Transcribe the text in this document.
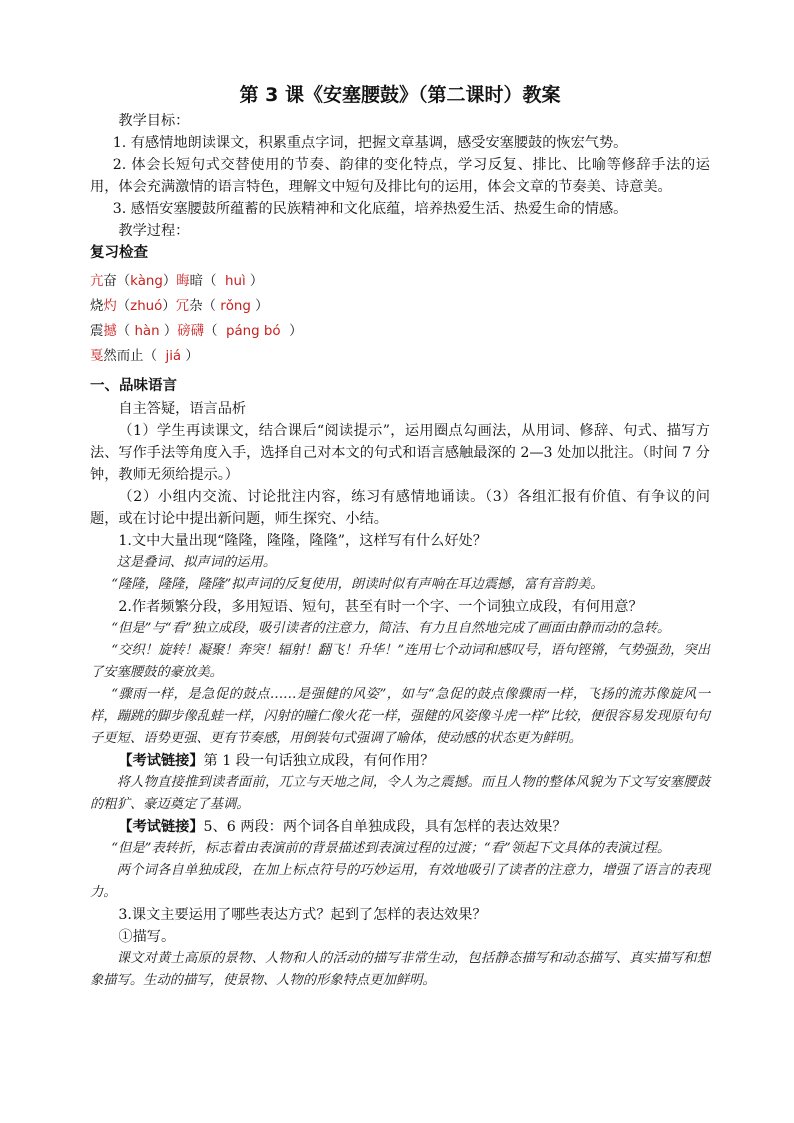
第 3 课《安塞腰鼓》（第二课时）教案

教学目标：

1. 有感情地朗读课文，积累重点字词，把握文章基调，感受安塞腰鼓的恢宏气势。

2. 体会长短句式交替使用的节奏、韵律的变化特点，学习反复、排比、比喻等修辞手法的运用，体会充满激情的语言特色，理解文中短句及排比句的运用，体会文章的节奏美、诗意美。

3. 感悟安塞腰鼓所蕴蓄的民族精神和文化底蕴，培养热爱生活、热爱生命的情感。

教学过程：

复习检查
亢奋（kàng）晦暗（  huì ）
烧灼（zhuó）冗杂（ rǒng ）
震撼（ hàn ）磅礴（  páng bó  ）
戛然而止（  jiá ）
一、品味语言

自主答疑，语言品析

（1）学生再读课文，结合课后“阅读提示”，运用圈点勾画法，从用词、修辞、句式、描写方法、写作手法等角度入手，选择自己对本文的句式和语言感触最深的 2—3 处加以批注。（时间 7 分钟，教师无须给提示。）

（2）小组内交流、讨论批注内容，练习有感情地诵读。（3）各组汇报有价值、有争议的问题，或在讨论中提出新问题，师生探究、小结。

1.文中大量出现“隆隆，隆隆，隆隆”，这样写有什么好处？

这是叠词、拟声词的运用。

“隆隆，隆隆，隆隆”拟声词的反复使用，朗读时似有声响在耳边震撼，富有音韵美。

2.作者频繁分段，多用短语、短句，甚至有时一个字、一个词独立成段，有何用意？

“但是”与“看”独立成段，吸引读者的注意力，简洁、有力且自然地完成了画面由静而动的急转。

“交织！旋转！凝聚！奔突！辐射！翻飞！升华！”连用七个动词和感叹号，语句铿锵，气势强劲，突出了安塞腰鼓的豪放美。

“骤雨一样，是急促的鼓点……是强健的风姿”，如与“急促的鼓点像骤雨一样，飞扬的流苏像旋风一样，蹦跳的脚步像乱蛙一样，闪射的瞳仁像火花一样，强健的风姿像斗虎一样”比较，便很容易发现原句句子更短、语势更强、更有节奏感，用倒装句式强调了喻体，使动感的状态更为鲜明。

【考试链接】第 1 段一句话独立成段，有何作用？

将人物直接推到读者面前，兀立与天地之间，令人为之震撼。而且人物的整体风貌为下文写安塞腰鼓的粗犷、豪迈奠定了基调。

【考试链接】5、6 两段：两个词各自单独成段，具有怎样的表达效果？

“但是”表转折，标志着由表演前的背景描述到表演过程的过渡；“看”领起下文具体的表演过程。

两个词各自单独成段，在加上标点符号的巧妙运用，有效地吸引了读者的注意力，增强了语言的表现力。

3.课文主要运用了哪些表达方式？起到了怎样的表达效果？

①描写。

课文对黄土高原的景物、人物和人的活动的描写非常生动，包括静态描写和动态描写、真实描写和想象描写。生动的描写，使景物、人物的形象特点更加鲜明。
